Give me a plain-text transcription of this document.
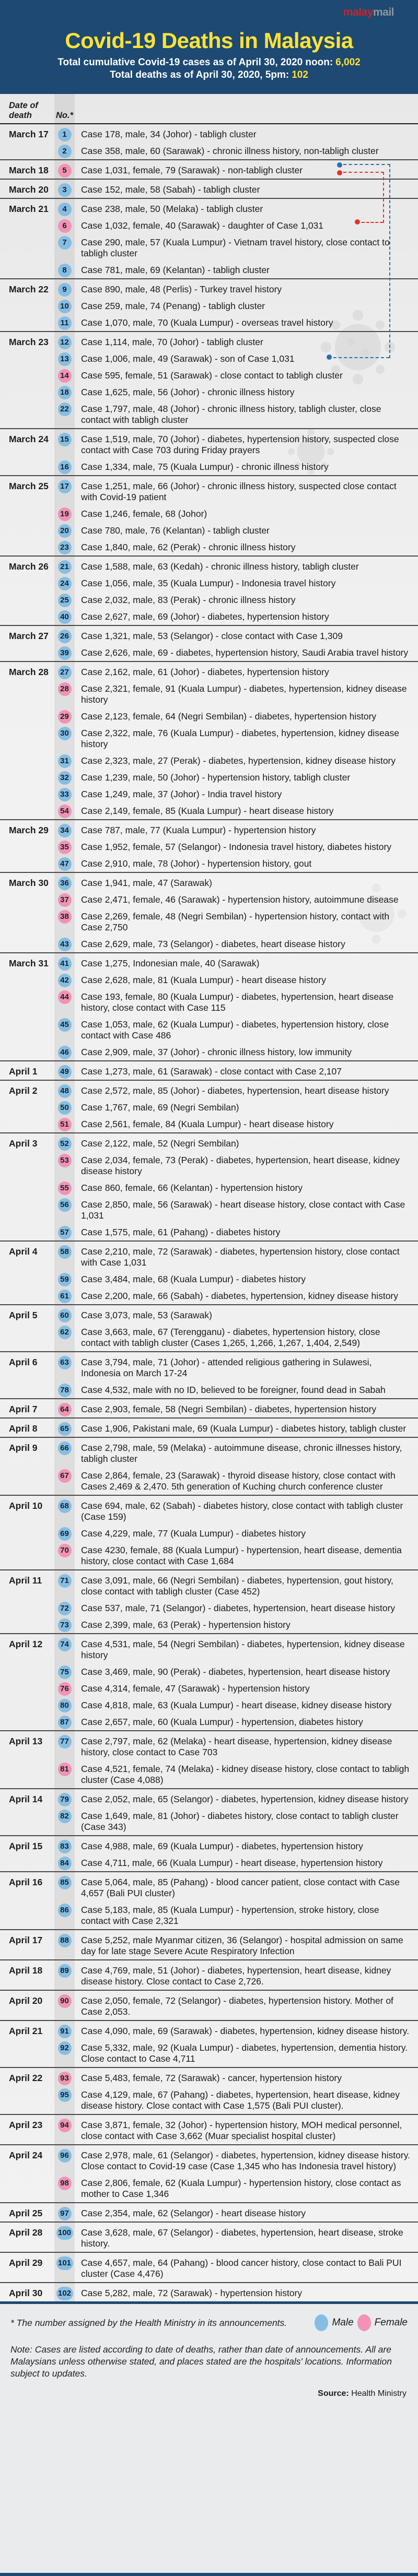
malaymail
Covid-19 Deaths in Malaysia

Total cumulative Covid-19 cases as of April 30, 2020 noon: 6,002

Total deaths as of April 30, 2020, 5pm: 102

Date of death	No.*
March 17	1	Case 178, male, 34 (Johor) - tabligh cluster

2	Case 358, male, 60 (Sarawak) - chronic illness history, non-tabligh cluster

March 18	5	Case 1,031, female, 79 (Sarawak) - non-tabligh cluster

March 20	3	Case 152, male, 58 (Sabah) - tabligh cluster

March 21	4	Case 238, male, 50 (Melaka) - tabligh cluster

6	Case 1,032, female, 40 (Sarawak) - daughter of Case 1,031

7	Case 290, male, 57 (Kuala Lumpur) - Vietnam travel history, close contact to tabligh cluster

8	Case 781, male, 69 (Kelantan) - tabligh cluster

March 22	9	Case 890, male, 48 (Perlis) - Turkey travel history

10	Case 259, male, 74 (Penang) - tabligh cluster

11	Case 1,070, male, 70 (Kuala Lumpur) - overseas travel history

March 23	12	Case 1,114, male, 70 (Johor) - tabligh cluster

13	Case 1,006, male, 49 (Sarawak) - son of Case 1,031

14	Case 595, female, 51 (Sarawak) - close contact to tabligh cluster

18	Case 1,625, male, 56 (Johor) - chronic illness history

22	Case 1,797, male, 48 (Johor) - chronic illness history, tabligh cluster, close contact with tabligh cluster

March 24	15	Case 1,519, male, 70 (Johor) - diabetes, hypertension history, suspected close contact with Case 703 during Friday prayers

16	Case 1,334, male, 75 (Kuala Lumpur) - chronic illness history

March 25	17	Case 1,251, male, 66 (Johor) - chronic illness history, suspected close contact with Covid-19 patient

19	Case 1,246, female, 68 (Johor)

20	Case 780, male, 76 (Kelantan) - tabligh cluster

23	Case 1,840, male, 62 (Perak) - chronic illness history

March 26	21	Case 1,588, male, 63 (Kedah) - chronic illness history, tabligh cluster

24	Case 1,056, male, 35 (Kuala Lumpur) - Indonesia travel history

25	Case 2,032, male, 83 (Perak) - chronic illness history

40	Case 2,627, male, 69 (Johor) - diabetes, hypertension history

March 27	26	Case 1,321, male, 53 (Selangor) - close contact with Case 1,309

39	Case 2,626, male, 69 - diabetes, hypertension history, Saudi Arabia travel history

March 28	27	Case 2,162, male, 61 (Johor) - diabetes, hypertension history

28	Case 2,321, female, 91 (Kuala Lumpur) - diabetes, hypertension, kidney disease history

29	Case 2,123, female, 64 (Negri Sembilan) - diabetes, hypertension history

30	Case 2,322, male, 76 (Kuala Lumpur) - diabetes, hypertension, kidney disease history

31	Case 2,323, male, 27 (Perak) - diabetes, hypertension, kidney disease history

32	Case 1,239, male, 50 (Johor) - hypertension history, tabligh cluster

33	Case 1,249, male, 37 (Johor) - India travel history

54	Case 2,149, female, 85 (Kuala Lumpur) - heart disease history

March 29	34	Case 787, male, 77 (Kuala Lumpur) - hypertension history

35	Case 1,952, female, 57 (Selangor) - Indonesia travel history, diabetes history

47	Case 2,910, male, 78 (Johor) - hypertension history, gout

March 30	36	Case 1,941, male, 47 (Sarawak)

37	Case 2,471, female, 46 (Sarawak) - hypertension history, autoimmune disease

38	Case 2,269, female, 48 (Negri Sembilan) - hypertension history, contact with Case 2,750

43	Case 2,629, male, 73 (Selangor) - diabetes, heart disease history

March 31	41	Case 1,275, Indonesian male, 40 (Sarawak)

42	Case 2,628, male, 81 (Kuala Lumpur) - heart disease history

44	Case 193, female, 80 (Kuala Lumpur) - diabetes, hypertension, heart disease history, close contact with Case 115

45	Case 1,053, male, 62 (Kuala Lumpur) - diabetes, hypertension history, close contact with Case 486

46	Case 2,909, male, 37 (Johor) - chronic illness history, low immunity

April 1	49	Case 1,273, male, 61 (Sarawak) - close contact with Case 2,107

April 2	48	Case 2,572, male, 85 (Johor) - diabetes, hypertension, heart disease history

50	Case 1,767, male, 69 (Negri Sembilan)

51	Case 2,561, female, 84 (Kuala Lumpur) - heart disease history

April 3	52	Case 2,122, male, 52 (Negri Sembilan)

53	Case 2,034, female, 73 (Perak) - diabetes, hypertension, heart disease, kidney disease history

55	Case 860, female, 66 (Kelantan) - hypertension history

56	Case 2,850, male, 56 (Sarawak) - heart disease history, close contact with Case 1,031

57	Case 1,575, male, 61 (Pahang) - diabetes history

April 4	58	Case 2,210, male, 72 (Sarawak) - diabetes, hypertension history, close contact with Case 1,031

59	Case 3,484, male, 68 (Kuala Lumpur) - diabetes history

61	Case 2,200, male, 66 (Sabah) - diabetes, hypertension, kidney disease history

April 5	60	Case 3,073, male, 53 (Sarawak)

62	Case 3,663, male, 67 (Terengganu) - diabetes, hypertension history, close contact with tabligh cluster (Cases 1,265, 1,266, 1,267, 1,404, 2,549)

April 6	63	Case 3,794, male, 71 (Johor) - attended religious gathering in Sulawesi, Indonesia on March 17-24

78	Case 4,532, male with no ID, believed to be foreigner, found dead in Sabah

April 7	64	Case 2,903, female, 58 (Negri Sembilan) - diabetes, hypertension history

April 8	65	Case 1,906, Pakistani male, 69 (Kuala Lumpur) - diabetes history, tabligh cluster

April 9	66	Case 2,798, male, 59 (Melaka) - autoimmune disease, chronic illnesses history, tabligh cluster

67	Case 2,864, female, 23 (Sarawak) - thyroid disease history, close contact with Cases 2,469 & 2,470. 5th generation of Kuching church conference cluster

April 10	68	Case 694, male, 62 (Sabah) - diabetes history, close contact with tabligh cluster (Case 159)

69	Case 4,229, male, 77 (Kuala Lumpur) - diabetes history

70	Case 4230, female, 88 (Kuala Lumpur) - hypertension, heart disease, dementia history, close contact with Case 1,684

April 11	71	Case 3,091, male, 66 (Negri Sembilan) - diabetes, hypertension, gout history, close contact with tabligh cluster (Case 452)

72	Case 537, male, 71 (Selangor) - diabetes, hypertension, heart disease history

73	Case 2,399, male, 63 (Perak) - hypertension history

April 12	74	Case 4,531, male, 54 (Negri Sembilan) - diabetes, hypertension, kidney disease history

75	Case 3,469, male, 90 (Perak) - diabetes, hypertension, heart disease history

76	Case 4,314, female, 47 (Sarawak) - hypertension history

80	Case 4,818, male, 63 (Kuala Lumpur) - heart disease, kidney disease history

87	Case 2,657, male, 60 (Kuala Lumpur) - hypertension, diabetes history

April 13	77	Case 2,797, male, 62 (Melaka) - heart disease, hypertension, kidney disease history, close contact to Case 703

81	Case 4,521, female, 74 (Melaka) - kidney disease history, close contact to tabligh cluster (Case 4,088)

April 14	79	Case 2,052, male, 65 (Selangor) - diabetes, hypertension, kidney disease history

82	Case 1,649, male, 81 (Johor) - diabetes history, close contact to tabligh cluster (Case 343)

April 15	83	Case 4,988, male, 69 (Kuala Lumpur) - diabetes, hypertension history

84	Case 4,711, male, 66 (Kuala Lumpur) - heart disease, hypertension history

April 16	85	Case 5,064, male, 85 (Pahang) - blood cancer patient, close contact with Case 4,657 (Bali PUI cluster)

86	Case 5,183, male, 85 (Kuala Lumpur) - hypertension, stroke history, close contact with Case 2,321

April 17	88	Case 5,252, male Myanmar citizen, 36 (Selangor) - hospital admission on same day for late stage Severe Acute Respiratory Infection

April 18	89	Case 4,769, male, 51 (Johor) - diabetes, hypertension, heart disease, kidney disease history. Close contact to Case 2,726.

April 20	90	Case 2,050, female, 72 (Selangor) - diabetes, hypertension history. Mother of Case 2,053.

April 21	91	Case 4,090, male, 69 (Sarawak) - diabetes, hypertension, kidney disease history.

92	Case 5,332, male, 92 (Kuala Lumpur) - diabetes, hypertension, dementia history. Close contact to Case 4,711

April 22	93	Case 5,483, female, 72 (Sarawak) - cancer, hypertension history

95	Case 4,129, male, 67 (Pahang) - diabetes, hypertension, heart disease, kidney disease history. Close contact with Case 1,575 (Bali PUI cluster).

April 23	94	Case 3,871, female, 32 (Johor) - hypertension history, MOH medical personnel, close contact with Case 3,662 (Muar specialist hospital cluster)

April 24	96	Case 2,978, male, 61 (Selangor) - diabetes, hypertension, kidney disease history. Close contact to Covid-19 case (Case 1,345 who has Indonesia travel history)

98	Case 2,806, female, 62 (Kuala Lumpur) - hypertension history, close contact as mother to Case 1,346

April 25	97	Case 2,354, male, 62 (Selangor) - heart disease history

April 28	100	Case 3,628, male, 67 (Selangor) - diabetes, hypertension, heart disease, stroke history.

April 29	101	Case 4,657, male, 64 (Pahang) - blood cancer history, close contact to Bali PUI cluster (Case 4,476)

April 30	102	Case 5,282, male, 72 (Sarawak) - hypertension history

* The number assigned by the Health Ministry in its announcements.	Male Female

Note: Cases are listed according to date of deaths, rather than date of announcements. All are Malaysians unless otherwise stated, and places stated are the hospitals' locations. Information subject to updates.

Source: Health Ministry
